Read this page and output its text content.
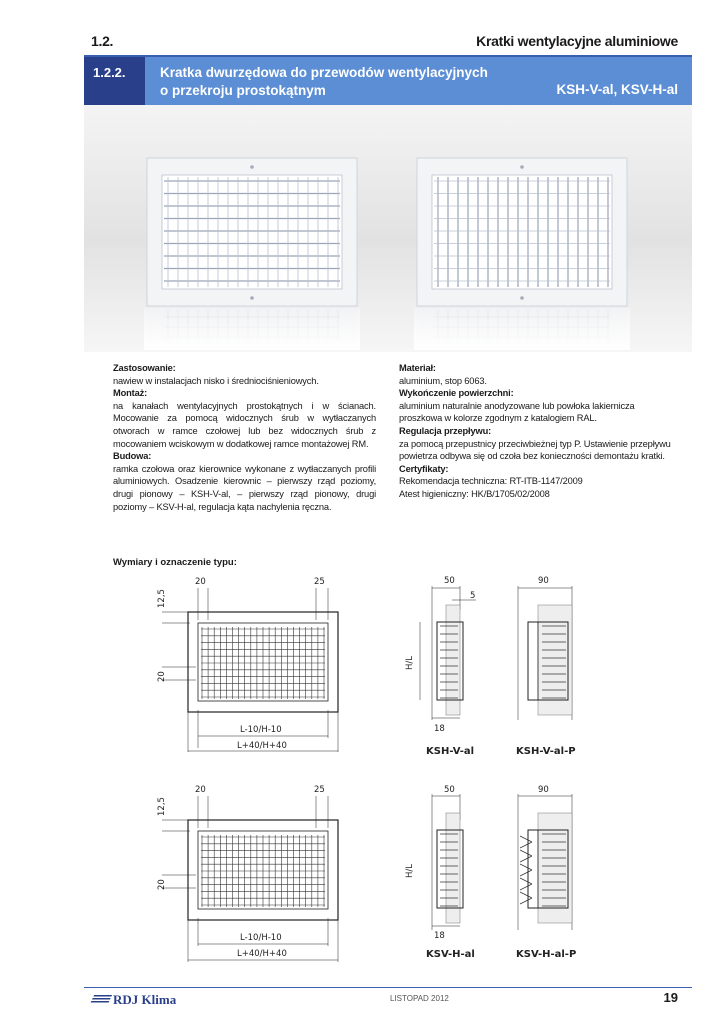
1.2.	Kratki wentylacyjne aluminiowe
1.2.2.	Kratka dwurzędowa do przewodów wentylacyjnych
o przekroju prostokątnym	KSH-V-al, KSV-H-al
Zastosowanie:
nawiew w instalacjach nisko i średniociśnieniowych.
Montaż:
na kanałach wentylacyjnych prostokątnych i w ścianach. Mocowanie za pomocą widocznych śrub w wytłaczanych otworach w ramce czołowej lub bez widocznych śrub z mocowaniem wciskowym w dodatkowej ramce montażowej RM.
Budowa:
ramka czołowa oraz kierownice wykonane z wytłaczanych profili aluminiowych. Osadzenie kierownic – pierwszy rząd poziomy, drugi pionowy – KSH-V-al, – pierwszy rząd pionowy, drugi poziomy – KSV-H-al, regulacja kąta nachylenia ręczna.
Materiał:
aluminium, stop 6063.
Wykończenie powierzchni:
aluminium naturalnie anodyzowane lub powłoka lakiernicza proszkowa w kolorze zgodnym z katalogiem RAL.
Regulacja przepływu:
za pomocą przepustnicy przeciwbieżnej typ P. Ustawienie przepływu powietrza odbywa się od czoła bez konieczności demontażu kratki.
Certyfikaty:
Rekomendacja techniczna: RT-ITB-1147/2009
Atest higieniczny: HK/B/1705/02/2008
Wymiary i oznaczenie typu:
20	25
12,5
20
L-10/H-10
L+40/H+40
20	25
12,5
20
L-10/H-10
L+40/H+40
50
5
H/L
18
90
50
H/L
18
90
KSH-V-al	KSH-V-al-P
KSV-H-al	KSV-H-al-P
RDJ Klima	LISTOPAD 2012	19
